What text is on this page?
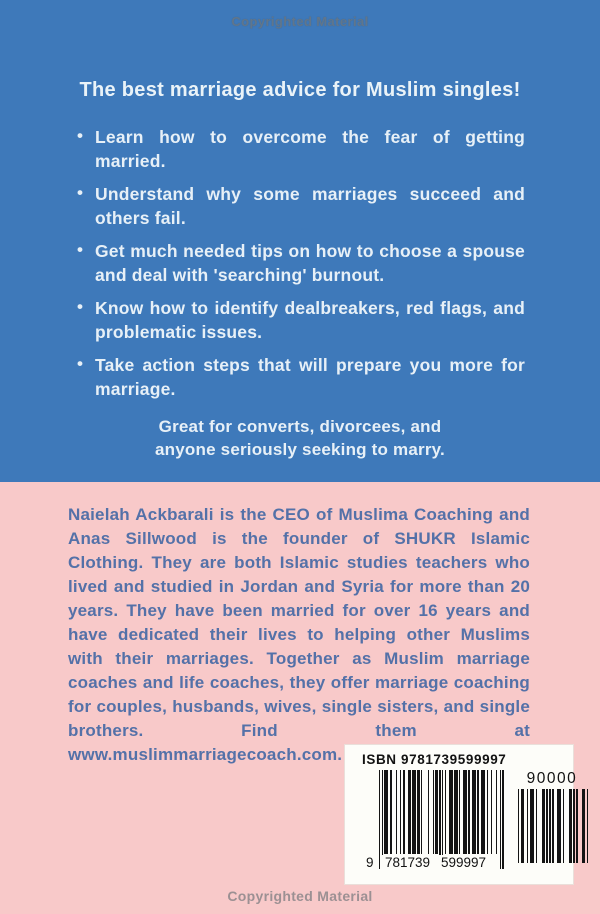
Copyrighted Material
The best marriage advice for Muslim singles!
• Learn how to overcome the fear of getting married.
• Understand why some marriages succeed and others fail.
• Get much needed tips on how to choose a spouse and deal with 'searching' burnout.
• Know how to identify dealbreakers, red flags, and problematic issues.
• Take action steps that will prepare you more for marriage.
Great for converts, divorcees, and
anyone seriously seeking to marry.

Naielah Ackbarali is the CEO of Muslima Coaching and Anas Sillwood is the founder of SHUKR Islamic Clothing. They are both Islamic studies teachers who lived and studied in Jordan and Syria for more than 20 years. They have been married for over 16 years and have dedicated their lives to helping other Muslims with their marriages. Together as Muslim marriage coaches and life coaches, they offer marriage coaching for couples, husbands, wives, single sisters, and single brothers. Find them at www.muslimmarriagecoach.com.	ISBN 9781739599997
9 781739 599997
90000
Copyrighted Material
